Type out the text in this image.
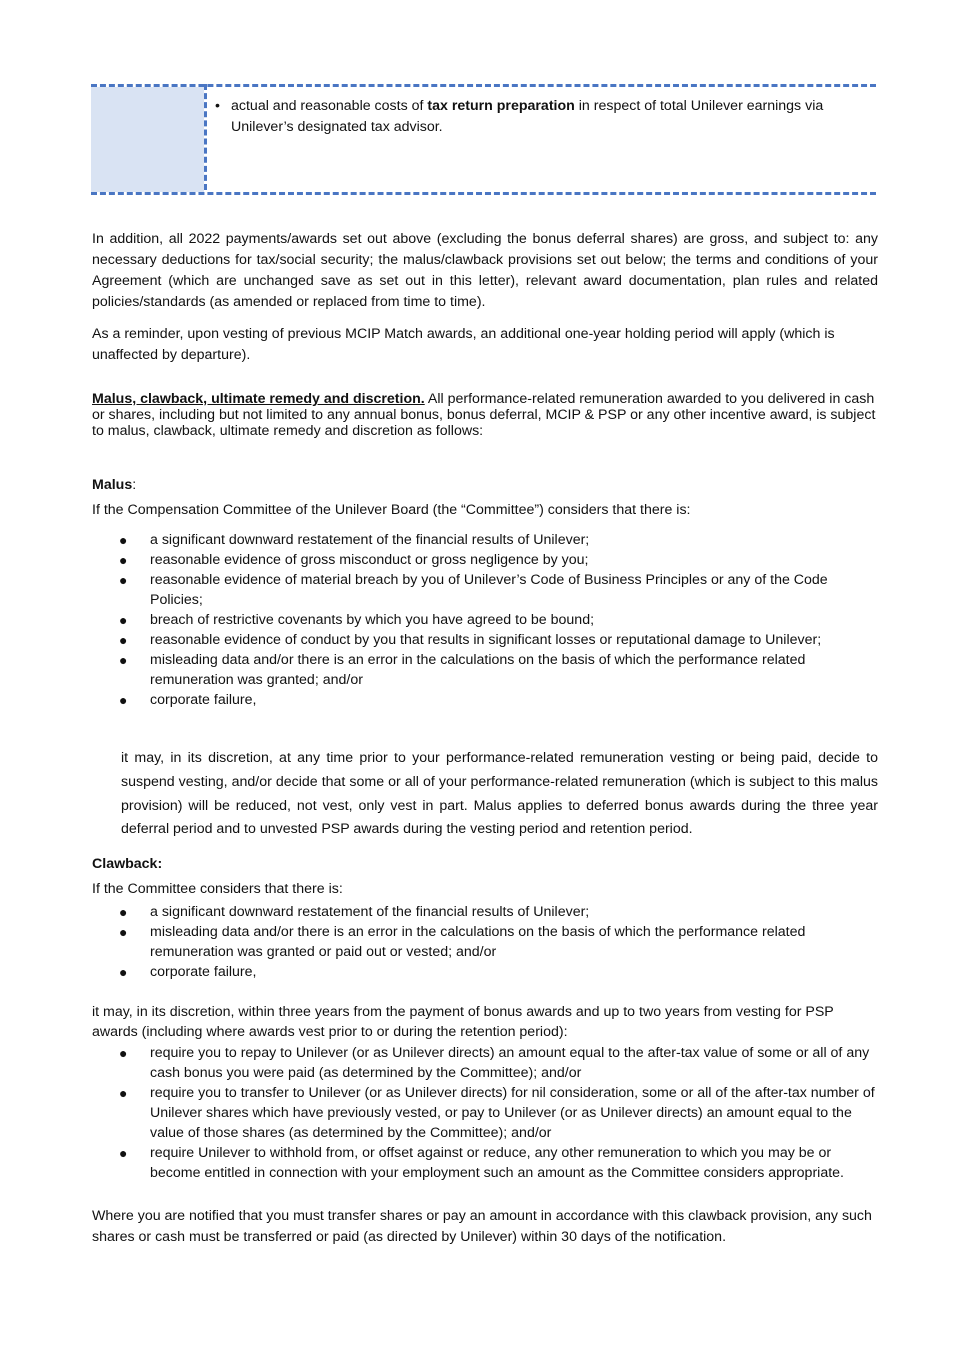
• actual and reasonable costs of tax return preparation in respect of total Unilever earnings via Unilever’s designated tax advisor.

In addition, all 2022 payments/awards set out above (excluding the bonus deferral shares) are gross, and subject to: any necessary deductions for tax/social security; the malus/clawback provisions set out below; the terms and conditions of your Agreement (which are unchanged save as set out in this letter), relevant award documentation, plan rules and related policies/standards (as amended or replaced from time to time).

As a reminder, upon vesting of previous MCIP Match awards, an additional one-year holding period will apply (which is unaffected by departure).

Malus, clawback, ultimate remedy and discretion. All performance-related remuneration awarded to you delivered in cash or shares, including but not limited to any annual bonus, bonus deferral, MCIP & PSP or any other incentive award, is subject to malus, clawback, ultimate remedy and discretion as follows:

Malus:

If the Compensation Committee of the Unilever Board (the “Committee”) considers that there is:

● a significant downward restatement of the financial results of Unilever;
● reasonable evidence of gross misconduct or gross negligence by you;
● reasonable evidence of material breach by you of Unilever’s Code of Business Principles or any of the Code Policies;
● breach of restrictive covenants by which you have agreed to be bound;
● reasonable evidence of conduct by you that results in significant losses or reputational damage to Unilever;
● misleading data and/or there is an error in the calculations on the basis of which the performance related remuneration was granted; and/or
● corporate failure,

it may, in its discretion, at any time prior to your performance-related remuneration vesting or being paid, decide to suspend vesting, and/or decide that some or all of your performance-related remuneration (which is subject to this malus provision) will be reduced, not vest, only vest in part. Malus applies to deferred bonus awards during the three year deferral period and to unvested PSP awards during the vesting period and retention period.

Clawback:

If the Committee considers that there is:

● a significant downward restatement of the financial results of Unilever;
● misleading data and/or there is an error in the calculations on the basis of which the performance related remuneration was granted or paid out or vested; and/or
● corporate failure,

it may, in its discretion, within three years from the payment of bonus awards and up to two years from vesting for PSP awards (including where awards vest prior to or during the retention period):

● require you to repay to Unilever (or as Unilever directs) an amount equal to the after-tax value of some or all of any cash bonus you were paid (as determined by the Committee); and/or
● require you to transfer to Unilever (or as Unilever directs) for nil consideration, some or all of the after-tax number of Unilever shares which have previously vested, or pay to Unilever (or as Unilever directs) an amount equal to the value of those shares (as determined by the Committee); and/or
● require Unilever to withhold from, or offset against or reduce, any other remuneration to which you may be or become entitled in connection with your employment such an amount as the Committee considers appropriate.

Where you are notified that you must transfer shares or pay an amount in accordance with this clawback provision, any such shares or cash must be transferred or paid (as directed by Unilever) within 30 days of the notification.
